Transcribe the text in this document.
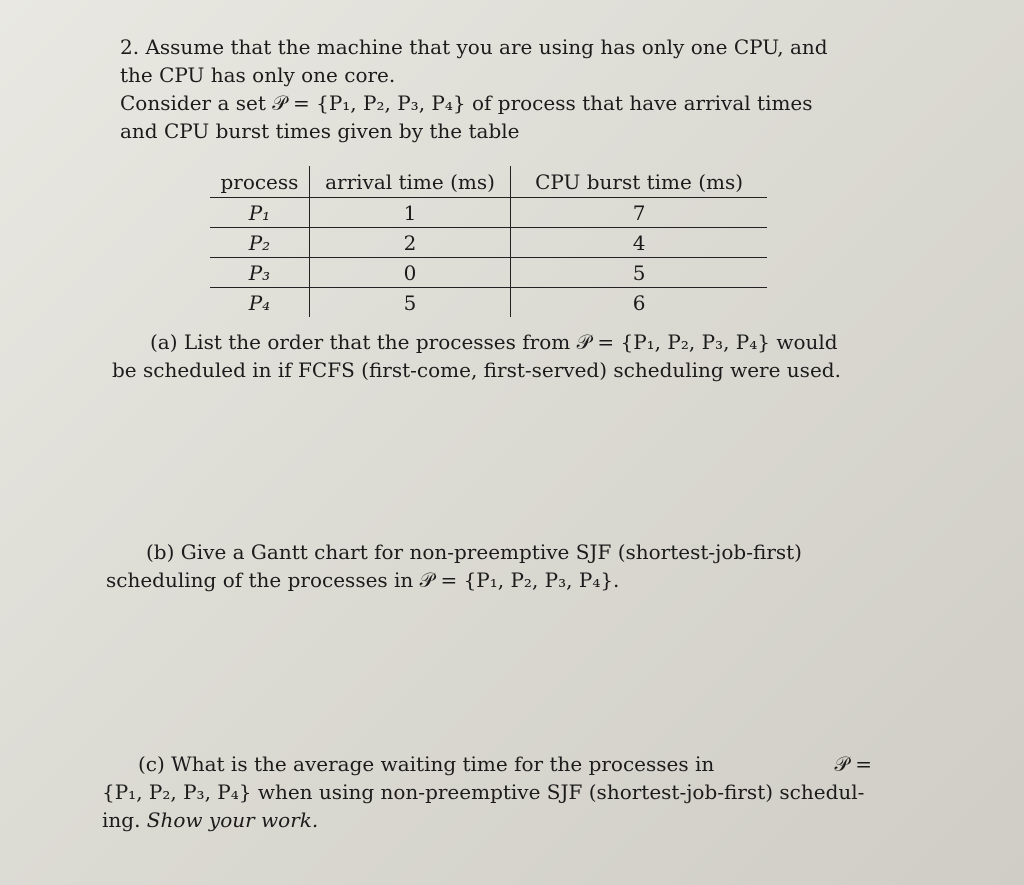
2. Assume that the machine that you are using has only one CPU, and
the CPU has only one core.
Consider a set 𝒫 = {P₁, P₂, P₃, P₄} of process that have arrival times
and CPU burst times given by the table
process	arrival time (ms)	CPU burst time (ms)
P₁	1	7
P₂	2	4
P₃	0	5
P₄	5	6
(a) List the order that the processes from 𝒫 = {P₁, P₂, P₃, P₄} would
be scheduled in if FCFS (first-come, first-served) scheduling were used.
(b) Give a Gantt chart for non-preemptive SJF (shortest-job-first)
scheduling of the processes in 𝒫 = {P₁, P₂, P₃, P₄}.
(c) What is the average waiting time for the processes in	𝒫 =
{P₁, P₂, P₃, P₄} when using non-preemptive SJF (shortest-job-first) schedul-
ing. Show your work.
